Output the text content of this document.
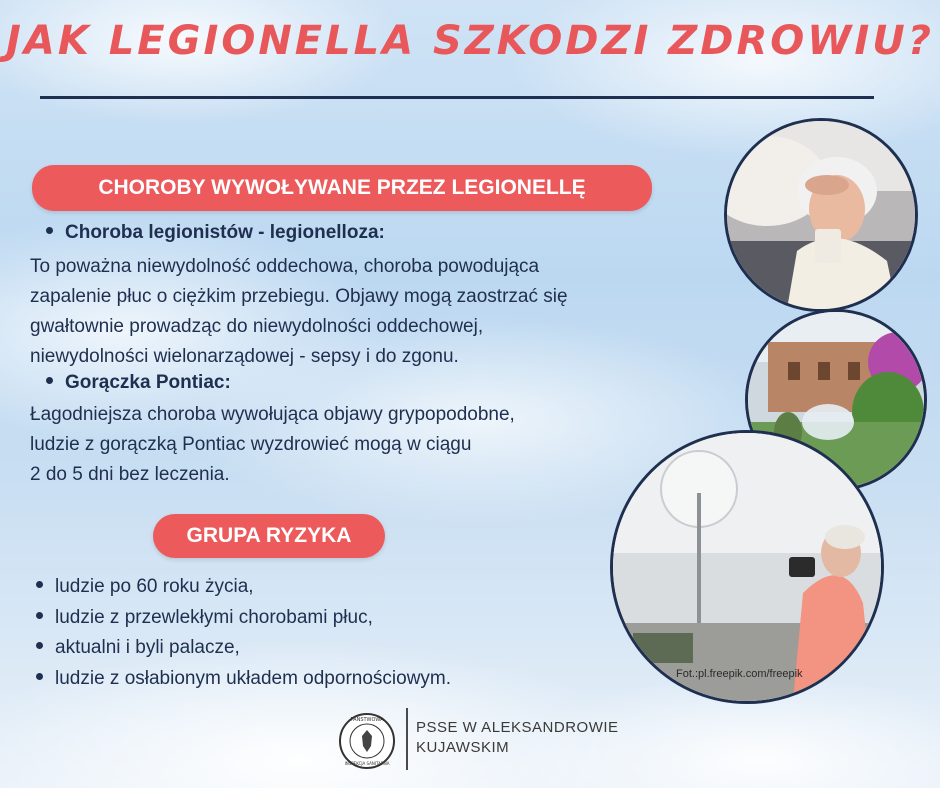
JAK LEGIONELLA SZKODZI ZDROWIU?
Fot.:pl.freepik.com/freepik
CHOROBY WYWOŁYWANE PRZEZ LEGIONELLĘ
Choroba legionistów - legionelloza:
To poważna niewydolność oddechowa, choroba powodująca
zapalenie płuc o ciężkim przebiegu. Objawy mogą zaostrzać się
gwałtownie prowadząc do niewydolności oddechowej,
niewydolności wielonarządowej - sepsy i do zgonu.
Gorączka Pontiac:
Łagodniejsza choroba wywołująca objawy grypopodobne,
ludzie z gorączką Pontiac wyzdrowieć mogą w ciągu
2 do 5 dni bez leczenia.
GRUPA RYZYKA
ludzie po 60 roku życia,
ludzie z przewlekłymi chorobami płuc,
aktualni i byli palacze,
ludzie z osłabionym układem odpornościowym.
PAŃSTWOWA
INSPEKCJA SANITARNA
PSSE W ALEKSANDROWIE
KUJAWSKIM
